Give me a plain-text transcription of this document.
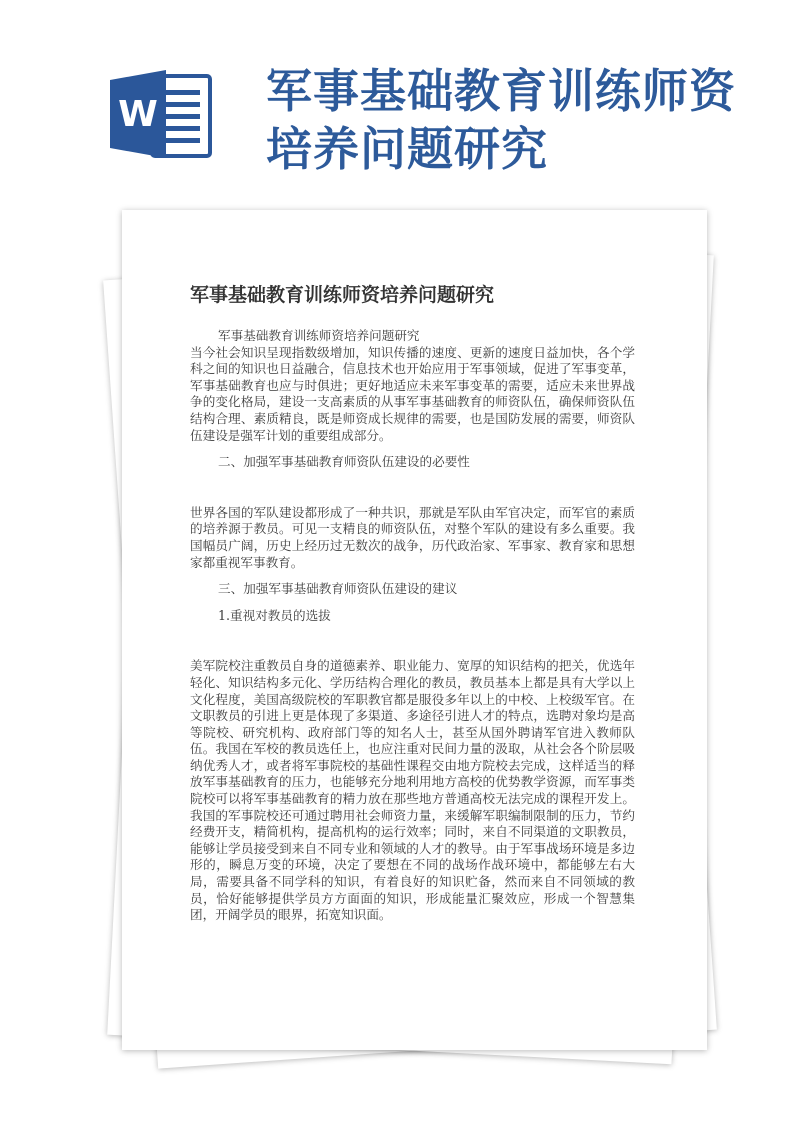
W 军事基础教育训练师资培养问题研究
军事基础教育训练师资培养问题研究

军事基础教育训练师资培养问题研究

当今社会知识呈现指数级增加，知识传播的速度、更新的速度日益加快，各个学科之间的知识也日益融合，信息技术也开始应用于军事领域，促进了军事变革，军事基础教育也应与时俱进；更好地适应未来军事变革的需要，适应未来世界战争的变化格局，建设一支高素质的从事军事基础教育的师资队伍，确保师资队伍结构合理、素质精良，既是师资成长规律的需要，也是国防发展的需要，师资队伍建设是强军计划的重要组成部分。

二、加强军事基础教育师资队伍建设的必要性

世界各国的军队建设都形成了一种共识，那就是军队由军官决定，而军官的素质的培养源于教员。可见一支精良的师资队伍，对整个军队的建设有多么重要。我国幅员广阔，历史上经历过无数次的战争，历代政治家、军事家、教育家和思想家都重视军事教育。

三、加强军事基础教育师资队伍建设的建议

1.重视对教员的选拔

美军院校注重教员自身的道德素养、职业能力、宽厚的知识结构的把关，优选年轻化、知识结构多元化、学历结构合理化的教员，教员基本上都是具有大学以上文化程度，美国高级院校的军职教官都是服役多年以上的中校、上校级军官。在文职教员的引进上更是体现了多渠道、多途径引进人才的特点，选聘对象均是高等院校、研究机构、政府部门等的知名人士，甚至从国外聘请军官进入教师队伍。我国在军校的教员选任上，也应注重对民间力量的汲取，从社会各个阶层吸纳优秀人才，或者将军事院校的基础性课程交由地方院校去完成，这样适当的释放军事基础教育的压力，也能够充分地利用地方高校的优势教学资源，而军事类院校可以将军事基础教育的精力放在那些地方普通高校无法完成的课程开发上。我国的军事院校还可通过聘用社会师资力量，来缓解军职编制限制的压力，节约经费开支，精简机构，提高机构的运行效率；同时，来自不同渠道的文职教员，能够让学员接受到来自不同专业和领域的人才的教导。由于军事战场环境是多边形的，瞬息万变的环境，决定了要想在不同的战场作战环境中，都能够左右大局，需要具备不同学科的知识，有着良好的知识贮备，然而来自不同领域的教员，恰好能够提供学员方方面面的知识，形成能量汇聚效应，形成一个智慧集团，开阔学员的眼界，拓宽知识面。
